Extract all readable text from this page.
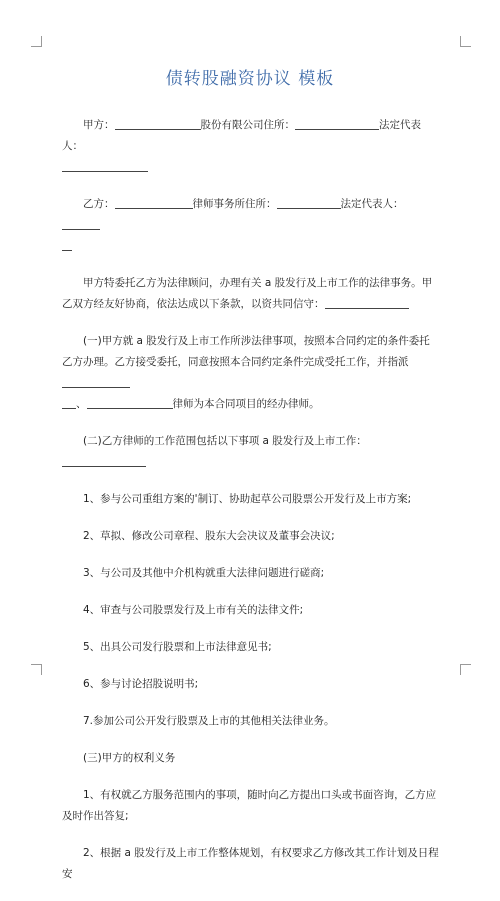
债转股融资协议 模板

甲方：	股份有限公司住所：	法定代表人：

乙方：	律师事务所住所：	法定代表人：

甲方特委托乙方为法律顾问，办理有关 a 股发行及上市工作的法律事务。甲乙双方经友好协商，依法达成以下条款，以资共同信守：

(一)甲方就 a 股发行及上市工作所涉法律事项，按照本合同约定的条件委托乙方办理。乙方接受委托，同意按照本合同约定条件完成受托工作，并指派
、	律师为本合同项目的经办律师。

(二)乙方律师的工作范围包括以下事项 a 股发行及上市工作：

1、参与公司重组方案的'制订、协助起草公司股票公开发行及上市方案;

2、草拟、修改公司章程、股东大会决议及董事会决议;

3、与公司及其他中介机构就重大法律问题进行磋商;

4、审查与公司股票发行及上市有关的法律文件;

5、出具公司发行股票和上市法律意见书;

6、参与讨论招股说明书;

7.参加公司公开发行股票及上市的其他相关法律业务。

(三)甲方的权利义务

1、有权就乙方服务范围内的事项，随时向乙方提出口头或书面咨询，乙方应及时作出答复;

2、根据 a 股发行及上市工作整体规划，有权要求乙方修改其工作计划及日程安
